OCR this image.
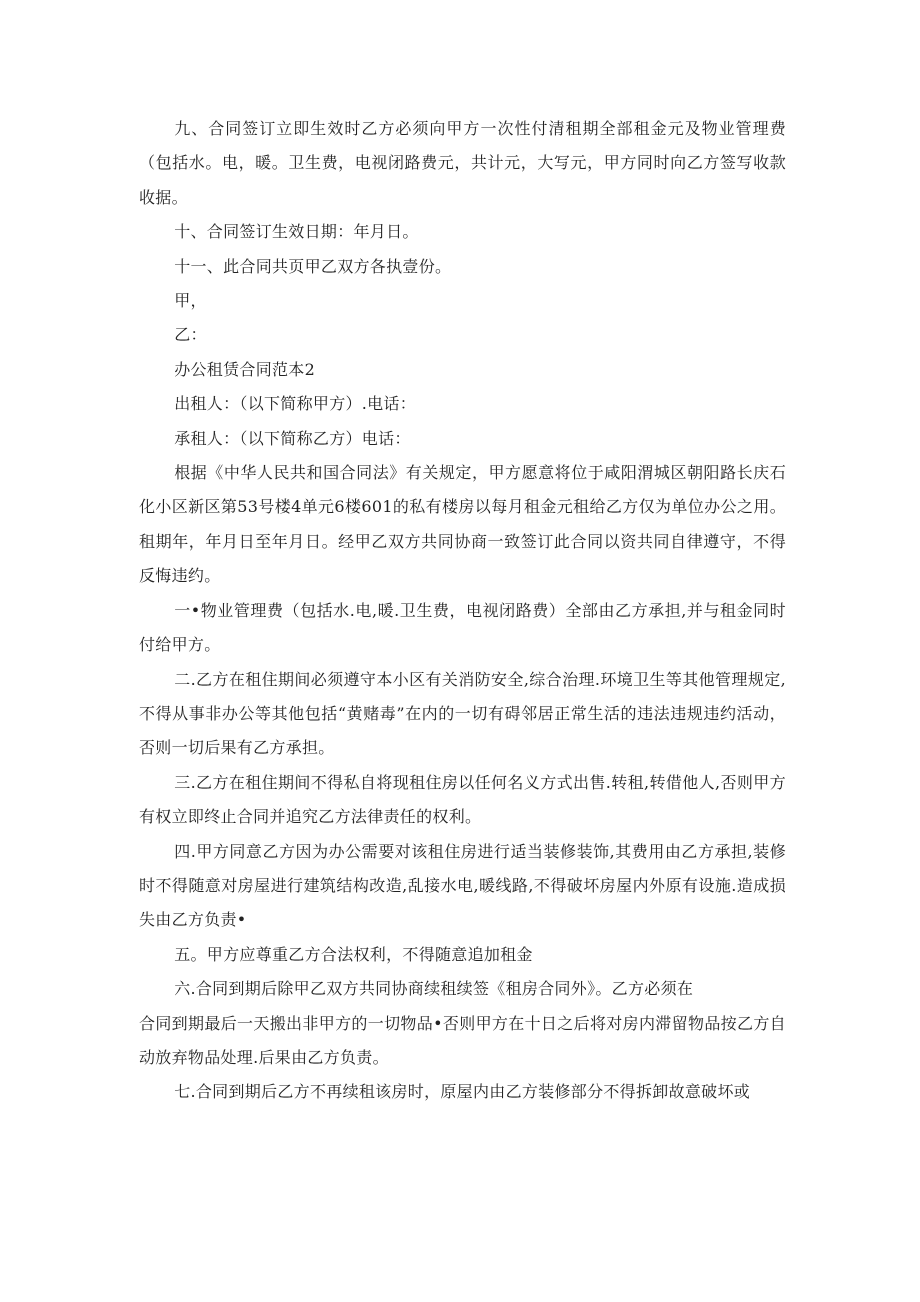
九、合同签订立即生效时乙方必须向甲方一次性付清租期全部租金元及物业管理费（包括水。电，暖。卫生费，电视闭路费元，共计元，大写元，甲方同时向乙方签写收款收据。

十、合同签订生效日期：年月日。

十一、此合同共页甲乙双方各执壹份。

甲，

乙：

办公租赁合同范本2

出租人：（以下简称甲方）.电话：

承租人：（以下简称乙方）电话：

根据《中华人民共和国合同法》有关规定，甲方愿意将位于咸阳渭城区朝阳路长庆石化小区新区第53号楼4单元6楼601的私有楼房以每月租金元租给乙方仅为单位办公之用。租期年，年月日至年月日。经甲乙双方共同协商一致签订此合同以资共同自律遵守，不得反悔违约。

一•物业管理费（包括水.电,暖.卫生费，电视闭路费）全部由乙方承担,并与租金同时付给甲方。

二.乙方在租住期间必须遵守本小区有关消防安全,综合治理.环境卫生等其他管理规定,不得从事非办公等其他包括“黄赌毒”在内的一切有碍邻居正常生活的违法违规违约活动，否则一切后果有乙方承担。

三.乙方在租住期间不得私自将现租住房以任何名义方式出售.转租,转借他人,否则甲方有权立即终止合同并追究乙方法律责任的权利。

四.甲方同意乙方因为办公需要对该租住房进行适当装修装饰,其费用由乙方承担,装修时不得随意对房屋进行建筑结构改造,乱接水电,暖线路,不得破坏房屋内外原有设施.造成损失由乙方负责•

五。甲方应尊重乙方合法权利，不得随意追加租金

六.合同到期后除甲乙双方共同协商续租续签《租房合同外》。乙方必须在

合同到期最后一天搬出非甲方的一切物品•否则甲方在十日之后将对房内滞留物品按乙方自动放弃物品处理.后果由乙方负责。

七.合同到期后乙方不再续租该房时，原屋内由乙方装修部分不得拆卸故意破坏或
